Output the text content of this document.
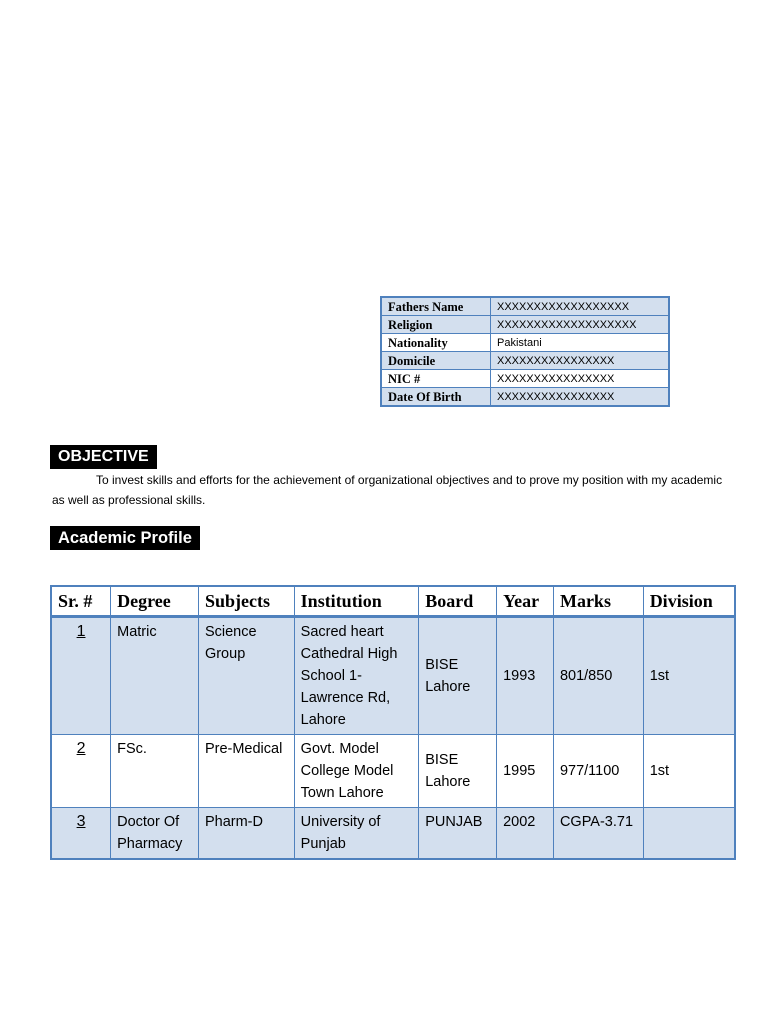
Fathers Name	XXXXXXXXXXXXXXXXXX
Religion	XXXXXXXXXXXXXXXXXXX
Nationality	Pakistani
Domicile	XXXXXXXXXXXXXXXX
NIC #	XXXXXXXXXXXXXXXX
Date Of Birth	XXXXXXXXXXXXXXXX
OBJECTIVE

To invest skills and efforts for the achievement of organizational objectives and to prove my position with my academic as well as professional skills.

Academic Profile
Sr. #	Degree	Subjects	Institution	Board	Year	Marks	Division
1	Matric	Science Group	Sacred heart Cathedral High School 1-Lawrence Rd, Lahore	BISE Lahore	1993	801/850	1st
2	FSc.	Pre-Medical	Govt. Model College Model Town Lahore	BISE Lahore	1995	977/1100	1st
3	Doctor Of Pharmacy	Pharm-D	University of Punjab	PUNJAB	2002	CGPA-3.71	
